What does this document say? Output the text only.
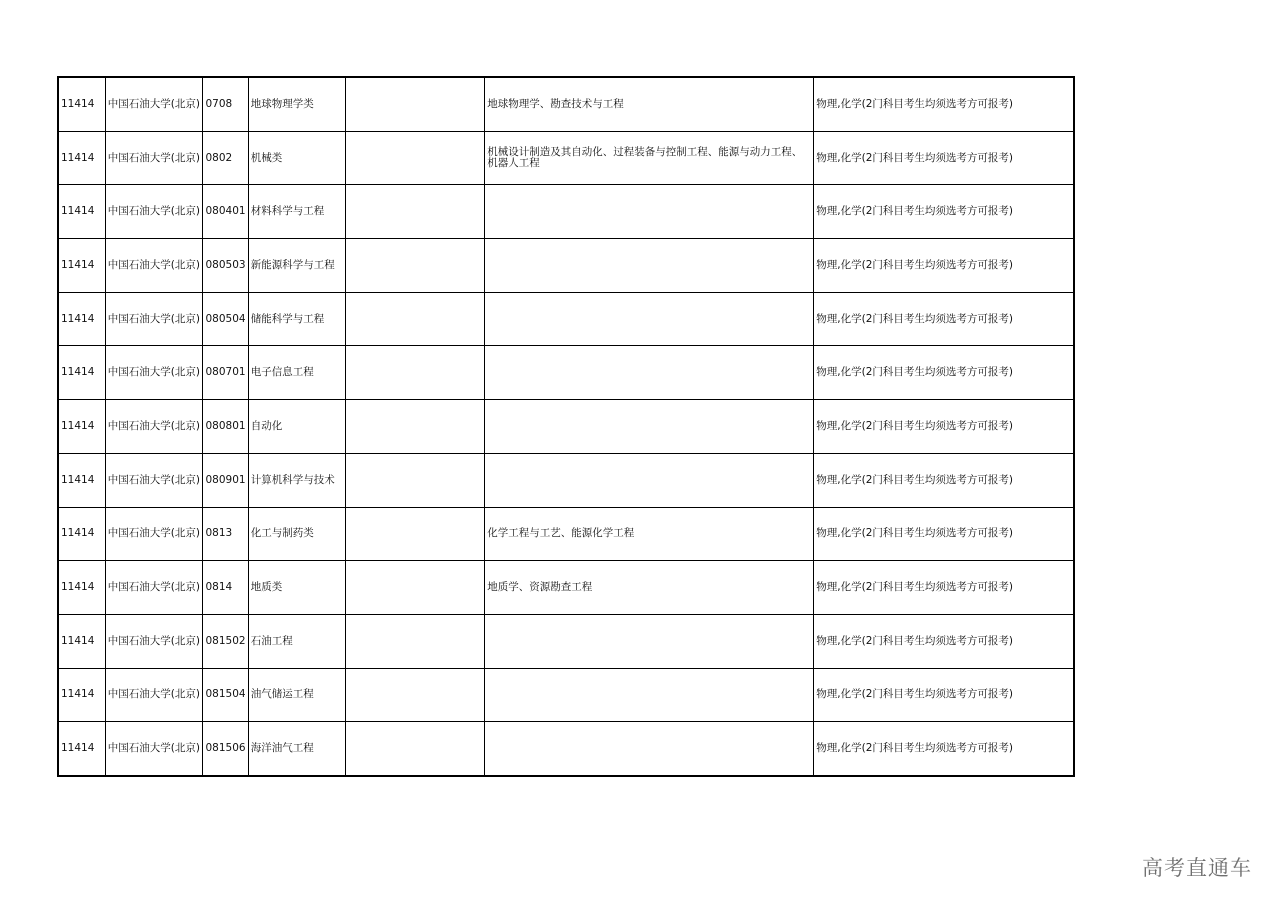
11414	中国石油大学(北京)	0708	地球物理学类		地球物理学、勘查技术与工程	物理,化学(2门科目考生均须选考方可报考)
11414	中国石油大学(北京)	0802	机械类		机械设计制造及其自动化、过程装备与控制工程、能源与动力工程、机器人工程	物理,化学(2门科目考生均须选考方可报考)
11414	中国石油大学(北京)	080401	材料科学与工程			物理,化学(2门科目考生均须选考方可报考)
11414	中国石油大学(北京)	080503	新能源科学与工程			物理,化学(2门科目考生均须选考方可报考)
11414	中国石油大学(北京)	080504	储能科学与工程			物理,化学(2门科目考生均须选考方可报考)
11414	中国石油大学(北京)	080701	电子信息工程			物理,化学(2门科目考生均须选考方可报考)
11414	中国石油大学(北京)	080801	自动化			物理,化学(2门科目考生均须选考方可报考)
11414	中国石油大学(北京)	080901	计算机科学与技术			物理,化学(2门科目考生均须选考方可报考)
11414	中国石油大学(北京)	0813	化工与制药类		化学工程与工艺、能源化学工程	物理,化学(2门科目考生均须选考方可报考)
11414	中国石油大学(北京)	0814	地质类		地质学、资源勘查工程	物理,化学(2门科目考生均须选考方可报考)
11414	中国石油大学(北京)	081502	石油工程			物理,化学(2门科目考生均须选考方可报考)
11414	中国石油大学(北京)	081504	油气储运工程			物理,化学(2门科目考生均须选考方可报考)
11414	中国石油大学(北京)	081506	海洋油气工程			物理,化学(2门科目考生均须选考方可报考)
高考直通车
